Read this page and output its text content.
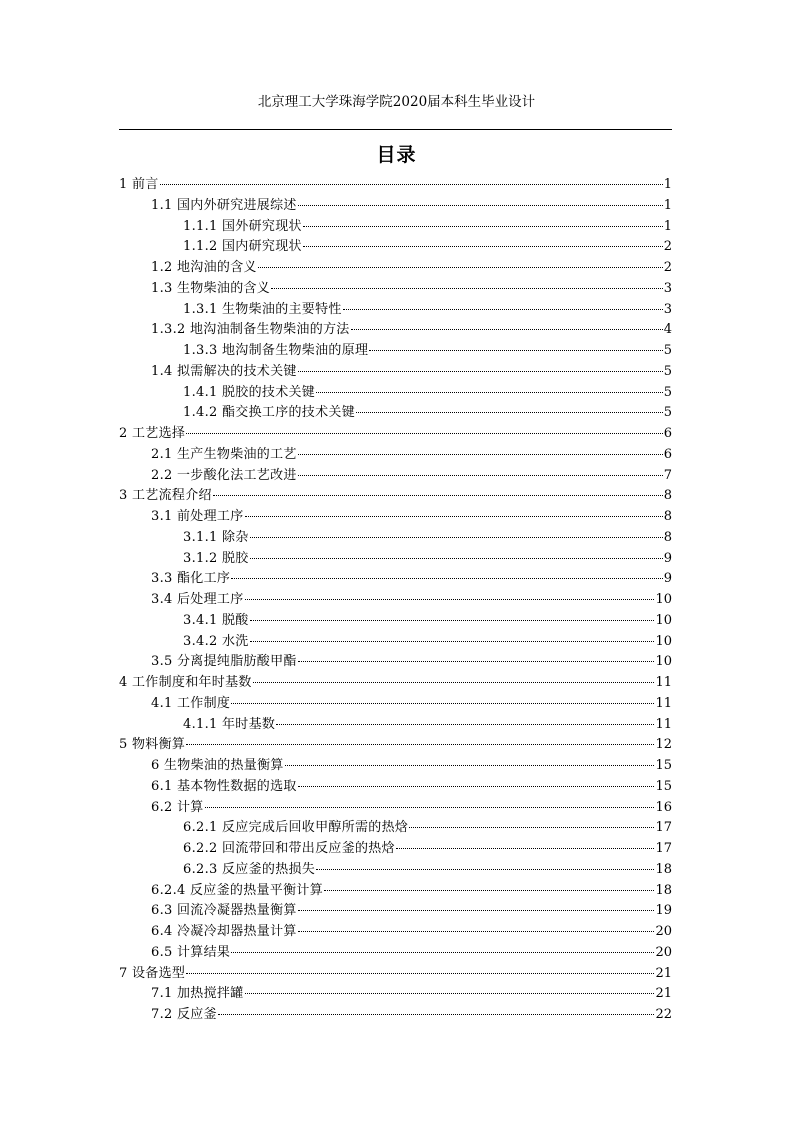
北京理工大学珠海学院2020届本科生毕业设计
目录
1 前言	1
1.1 国内外研究进展综述	1
1.1.1 国外研究现状	1
1.1.2 国内研究现状	2
1.2 地沟油的含义	2
1.3 生物柴油的含义	3
1.3.1 生物柴油的主要特性	3
1.3.2 地沟油制备生物柴油的方法	4
1.3.3 地沟制备生物柴油的原理	5
1.4 拟需解决的技术关键	5
1.4.1 脱胶的技术关键	5
1.4.2 酯交换工序的技术关键	5
2 工艺选择	6
2.1 生产生物柴油的工艺	6
2.2 一步酸化法工艺改进	7
3 工艺流程介绍	8
3.1 前处理工序	8
3.1.1 除杂	8
3.1.2 脱胶	9
3.3 酯化工序	9
3.4 后处理工序	10
3.4.1 脱酸	10
3.4.2 水洗	10
3.5 分离提纯脂肪酸甲酯	10
4 工作制度和年时基数	11
4.1 工作制度	11
4.1.1 年时基数	11
5 物料衡算	12
6 生物柴油的热量衡算	15
6.1 基本物性数据的选取	15
6.2 计算	16
6.2.1 反应完成后回收甲醇所需的热焓	17
6.2.2 回流带回和带出反应釜的热焓	17
6.2.3 反应釜的热损失	18
6.2.4 反应釜的热量平衡计算	18
6.3 回流冷凝器热量衡算	19
6.4 冷凝冷却器热量计算	20
6.5 计算结果	20
7 设备选型	21
7.1 加热搅拌罐	21
7.2 反应釜	22
